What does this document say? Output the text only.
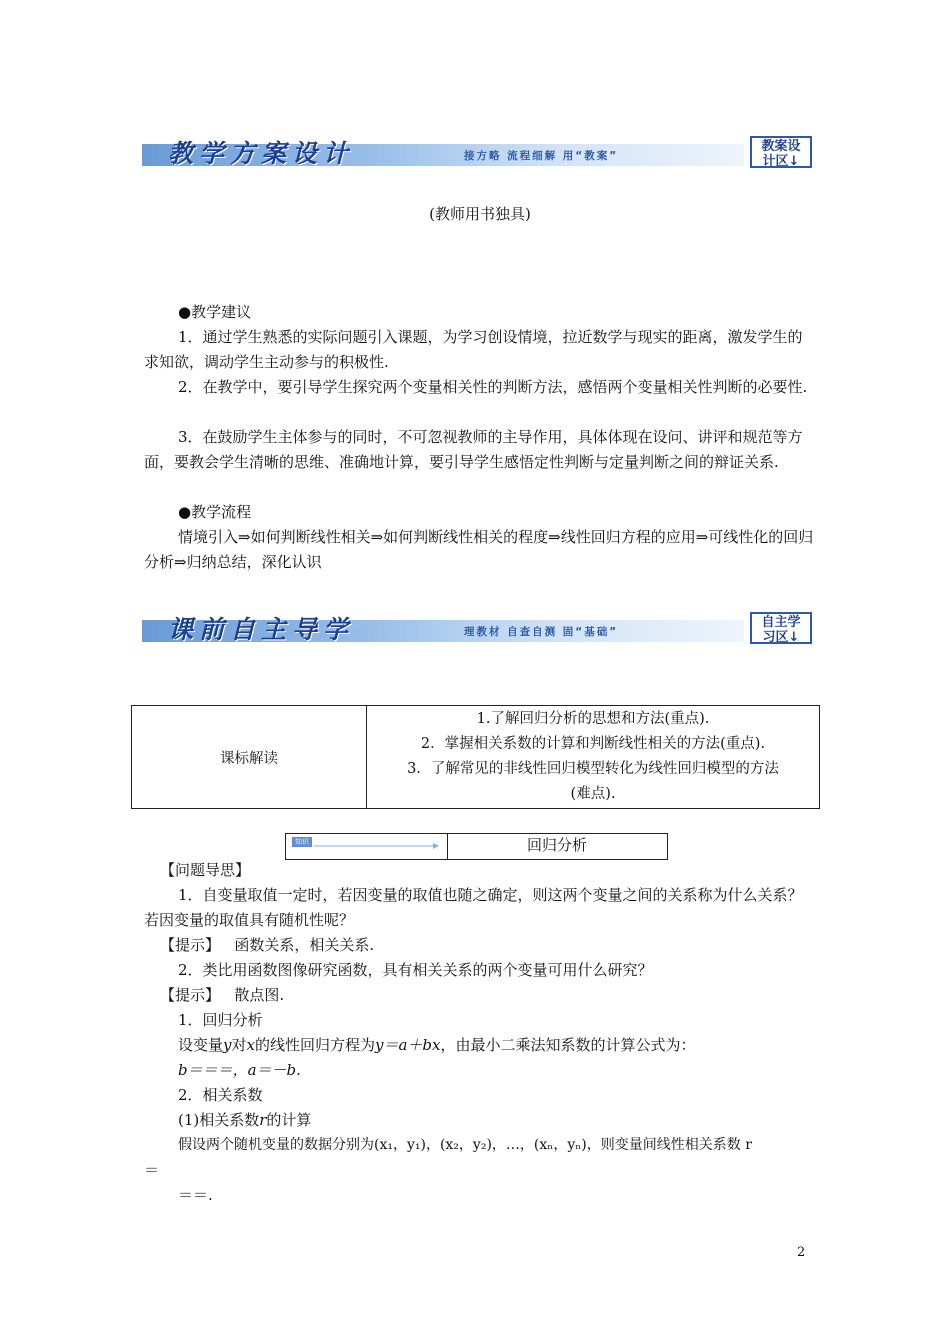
教学方案设计	接方略 流程细解 用“教案”
教案设
计区↓

(教师用书独具)

●教学建议

1．通过学生熟悉的实际问题引入课题，为学习创设情境，拉近数学与现实的距离，激发学生的求知欲，调动学生主动参与的积极性.

2．在教学中，要引导学生探究两个变量相关性的判断方法，感悟两个变量相关性判断的必要性.

3．在鼓励学生主体参与的同时，不可忽视教师的主导作用，具体体现在设问、讲评和规范等方面，要教会学生清晰的思维、准确地计算，要引导学生感悟定性判断与定量判断之间的辩证关系.

●教学流程

情境引入⇒如何判断线性相关⇒如何判断线性相关的程度⇒线性回归方程的应用⇒可线性化的回归分析⇒归纳总结，深化认识

课前自主导学	理教材 自查自测 固“基础”
自主学
习区↓
课标解读	
1.了解回归分析的思想和方法(重点).
2．掌握相关系数的计算和判断线性相关的方法(重点).
3．了解常见的非线性回归模型转化为线性回归模型的方法
(难点).
知识	▶	回归分析

【问题导思】

1．自变量取值一定时，若因变量的取值也随之确定，则这两个变量之间的关系称为什么关系？若因变量的取值具有随机性呢？

【提示】 函数关系，相关关系.

2．类比用函数图像研究函数，具有相关关系的两个变量可用什么研究？

【提示】 散点图.

1．回归分析

设变量y对x的线性回归方程为y＝a＋bx，由最小二乘法知系数的计算公式为：

b＝＝＝，a＝－b.

2．相关系数

(1)相关系数r的计算

假设两个随机变量的数据分别为(x₁，y₁)，(x₂，y₂)，…，(xₙ，yₙ)，则变量间线性相关系数 r

＝

＝＝.

2
